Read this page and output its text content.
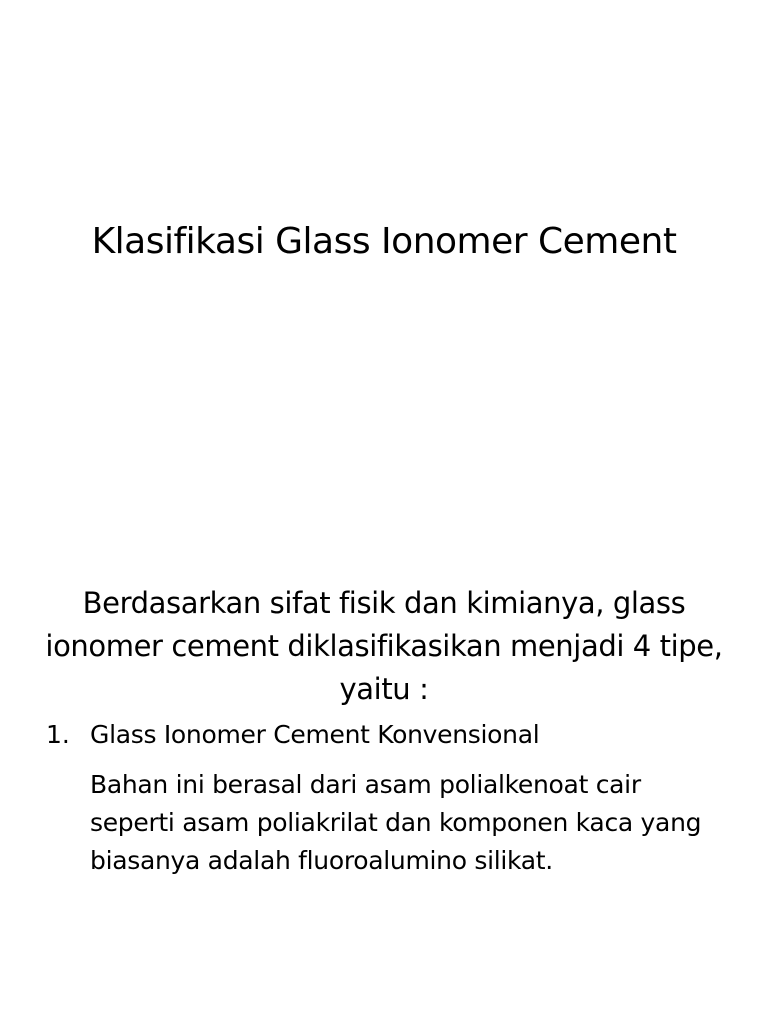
Klasifikasi Glass Ionomer Cement

Berdasarkan sifat fisik dan kimianya, glass ionomer cement diklasifikasikan menjadi 4 tipe, yaitu :

1. Glass Ionomer Cement Konvensional
Bahan ini berasal dari asam polialkenoat cair seperti asam poliakrilat dan komponen kaca yang biasanya adalah fluoroalumino silikat.
